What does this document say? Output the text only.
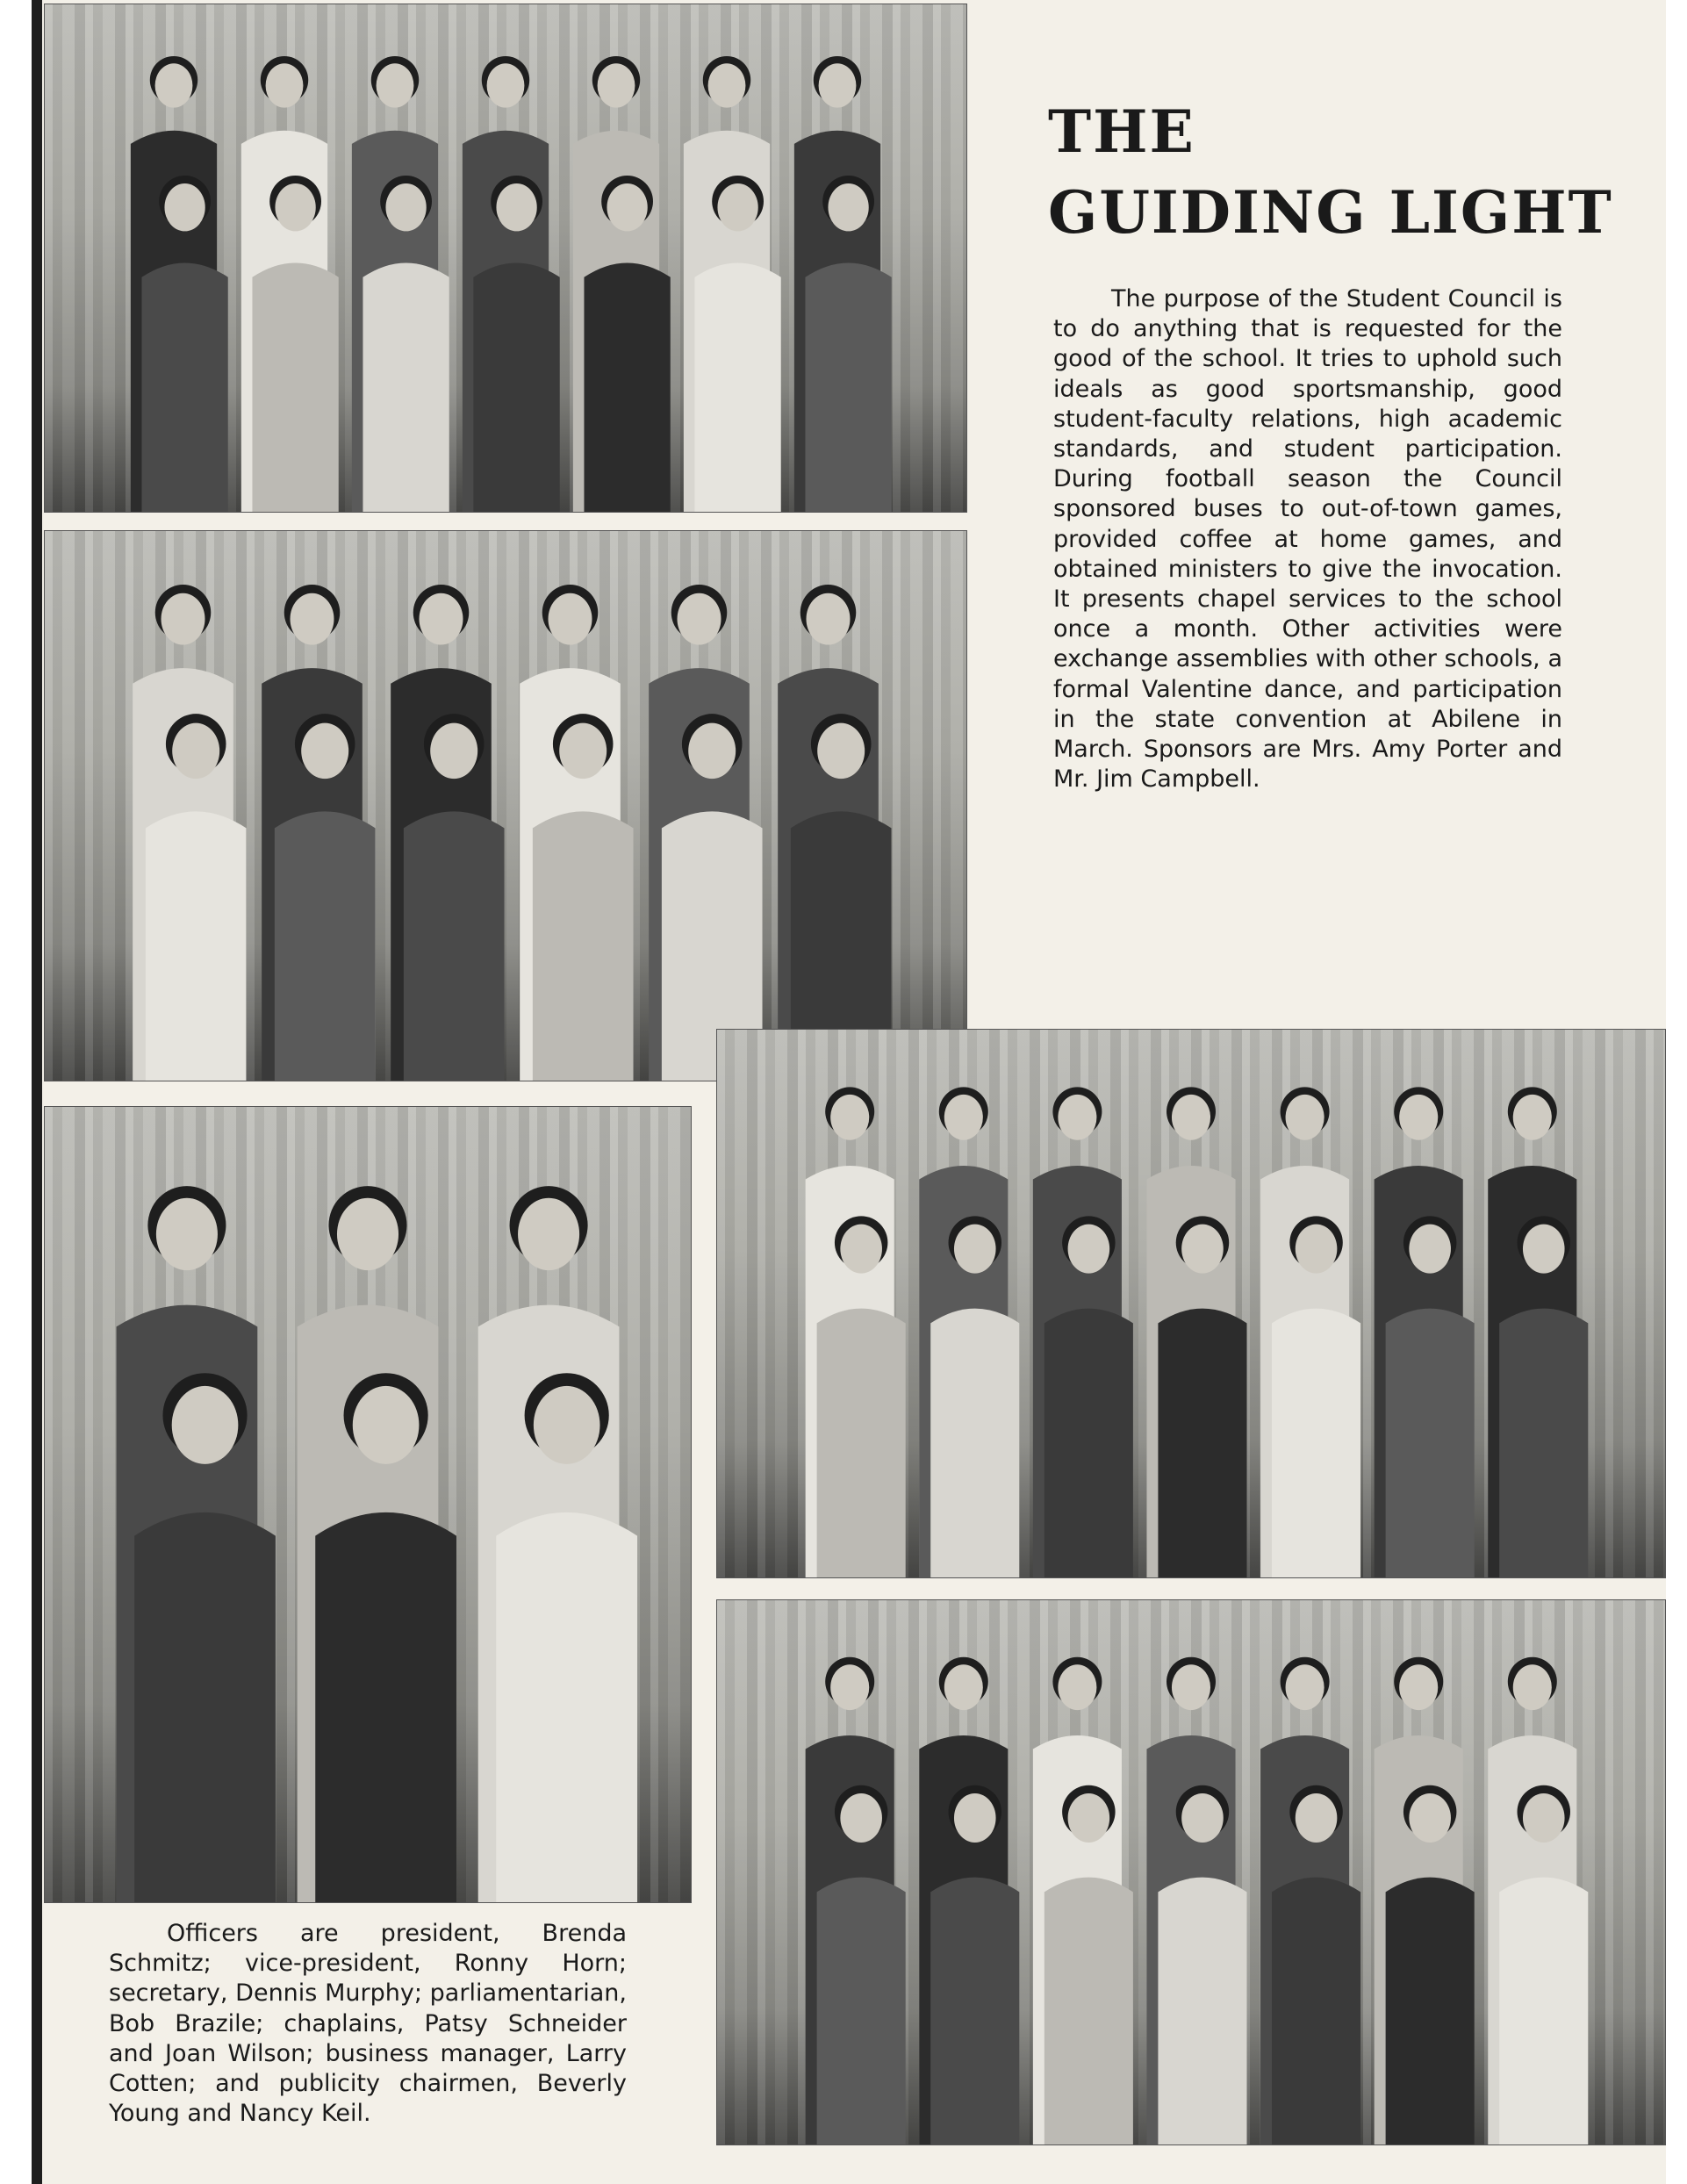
THE
GUIDING LIGHT
The purpose of the Student Council is to do anything that is requested for the good of the school. It tries to uphold such ideals as good sportsmanship, good student-faculty relations, high academic standards, and student participation. During football season the Council sponsored buses to out-of-town games, provided coffee at home games, and obtained ministers to give the invocation. It presents chapel services to the school once a month. Other activities were exchange assemblies with other schools, a formal Valentine dance, and participation in the state convention at Abilene in March. Sponsors are Mrs. Amy Porter and Mr. Jim Campbell.
Officers are president, Brenda Schmitz; vice-president, Ronny Horn; secretary, Dennis Murphy; parliamentarian, Bob Brazile; chaplains, Patsy Schneider and Joan Wilson; business manager, Larry Cotten; and publicity chairmen, Beverly Young and Nancy Keil.
